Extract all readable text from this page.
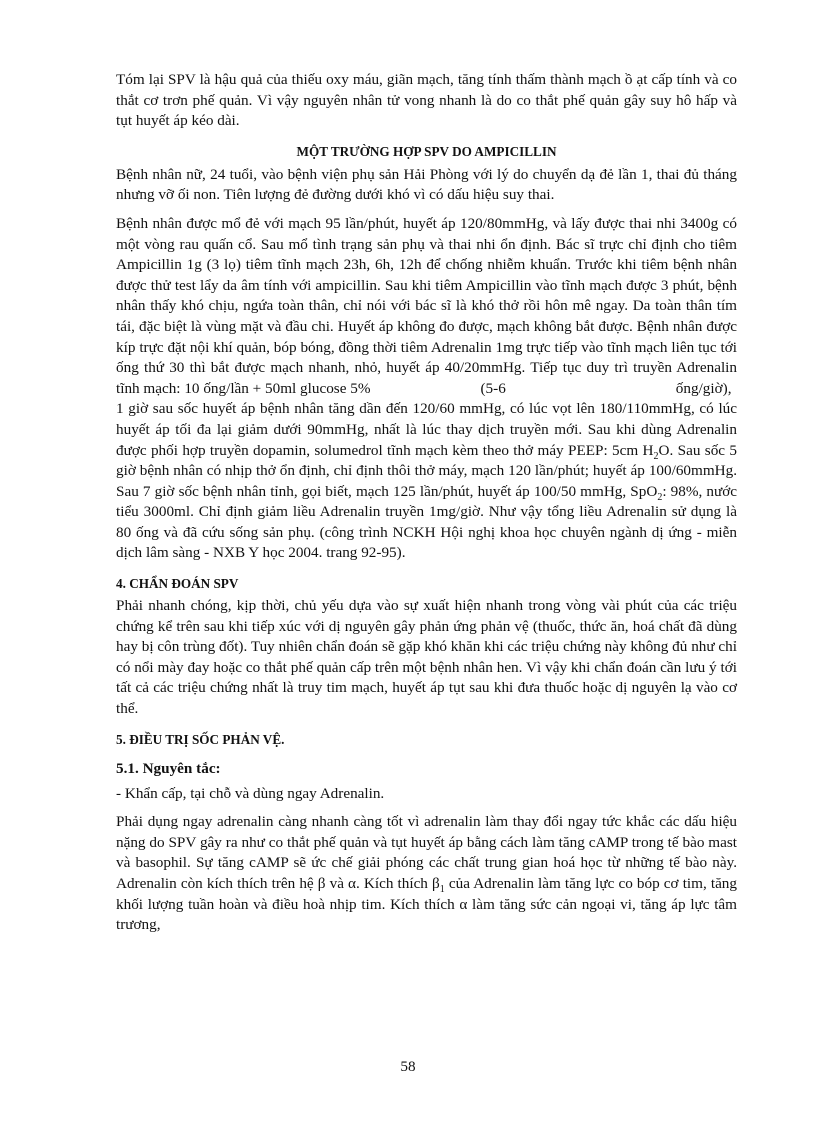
Tóm lại SPV là hậu quả của thiếu oxy máu, giãn mạch, tăng tính thấm thành mạch ồ ạt cấp tính và co thắt cơ trơn phế quản. Vì vậy nguyên nhân tử vong nhanh là do co thắt phế quản gây suy hô hấp và tụt huyết áp kéo dài.

MỘT TRƯỜNG HỢP SPV DO AMPICILLIN

Bệnh nhân nữ, 24 tuổi, vào bệnh viện phụ sản Hải Phòng với lý do chuyển dạ đẻ lần 1, thai đủ tháng nhưng vỡ ối non. Tiên lượng đẻ đường dưới khó vì có dấu hiệu suy thai.

Bệnh nhân được mổ đẻ với mạch 95 lần/phút, huyết áp 120/80mmHg, và lấy được thai nhi 3400g có một vòng rau quấn cổ. Sau mổ tình trạng sản phụ và thai nhi ổn định. Bác sĩ trực chỉ định cho tiêm Ampicillin 1g (3 lọ) tiêm tĩnh mạch 23h, 6h, 12h để chống nhiễm khuẩn. Trước khi tiêm bệnh nhân được thử test lẩy da âm tính với ampicillin. Sau khi tiêm Ampicillin vào tĩnh mạch được 3 phút, bệnh nhân thấy khó chịu, ngứa toàn thân, chỉ nói với bác sĩ là khó thở rồi hôn mê ngay. Da toàn thân tím tái, đặc biệt là vùng mặt và đầu chi. Huyết áp không đo được, mạch không bắt được. Bệnh nhân được kíp trực đặt nội khí quản, bóp bóng, đồng thời tiêm Adrenalin 1mg trực tiếp vào tĩnh mạch liên tục tới ống thứ 30 thì bắt được mạch nhanh, nhỏ, huyết áp 40/20mmHg. Tiếp tục duy trì truyền Adrenalin tĩnh mạch: 10 ống/lần + 50ml glucose 5%	(5-6	ống/giờ),
1 giờ sau sốc huyết áp bệnh nhân tăng dần đến 120/60 mmHg, có lúc vọt lên 180/110mmHg, có lúc huyết áp tối đa lại giảm dưới 90mmHg, nhất là lúc thay dịch truyền mới. Sau khi dùng Adrenalin được phối hợp truyền dopamin, solumedrol tĩnh mạch kèm theo thở máy PEEP: 5cm $H_2O$. Sau sốc 5 giờ bệnh nhân có nhịp thở ổn định, chỉ định thôi thở máy, mạch 120 lần/phút; huyết áp 100/60mmHg. Sau 7 giờ sốc bệnh nhân tỉnh, gọi biết, mạch 125 lần/phút, huyết áp 100/50 mmHg, SpO$_2$: 98%, nước tiểu 3000ml. Chỉ định giảm liều Adrenalin truyền 1mg/giờ. Như vậy tổng liều Adrenalin sử dụng là 80 ống và đã cứu sống sản phụ. (công trình NCKH Hội nghị khoa học chuyên ngành dị ứng - miễn dịch lâm sàng - NXB Y học 2004. trang 92-95).

4. CHẨN ĐOÁN SPV

Phải nhanh chóng, kịp thời, chủ yếu dựa vào sự xuất hiện nhanh trong vòng vài phút của các triệu chứng kể trên sau khi tiếp xúc với dị nguyên gây phản ứng phản vệ (thuốc, thức ăn, hoá chất đã dùng hay bị côn trùng đốt). Tuy nhiên chẩn đoán sẽ gặp khó khăn khi các triệu chứng này không đủ như chỉ có nổi mày đay hoặc co thắt phế quản cấp trên một bệnh nhân hen. Vì vậy khi chẩn đoán cần lưu ý tới tất cả các triệu chứng nhất là truy tim mạch, huyết áp tụt sau khi đưa thuốc hoặc dị nguyên lạ vào cơ thể.

5. ĐIỀU TRỊ SỐC PHẢN VỆ.
5.1. Nguyên tắc:

- Khẩn cấp, tại chỗ và dùng ngay Adrenalin.

Phải dụng ngay adrenalin càng nhanh càng tốt vì adrenalin làm thay đổi ngay tức khắc các dấu hiệu nặng do SPV gây ra như co thắt phế quản và tụt huyết áp bằng cách làm tăng cAMP trong tế bào mast và basophil. Sự tăng cAMP sẽ ức chế giải phóng các chất trung gian hoá học từ những tế bào này. Adrenalin còn kích thích trên hệ β và α. Kích thích $\beta_1$ của Adrenalin làm tăng lực co bóp cơ tim, tăng khối lượng tuần hoàn và điều hoà nhịp tim. Kích thích α làm tăng sức cản ngoại vi, tăng áp lực tâm trương,

58
